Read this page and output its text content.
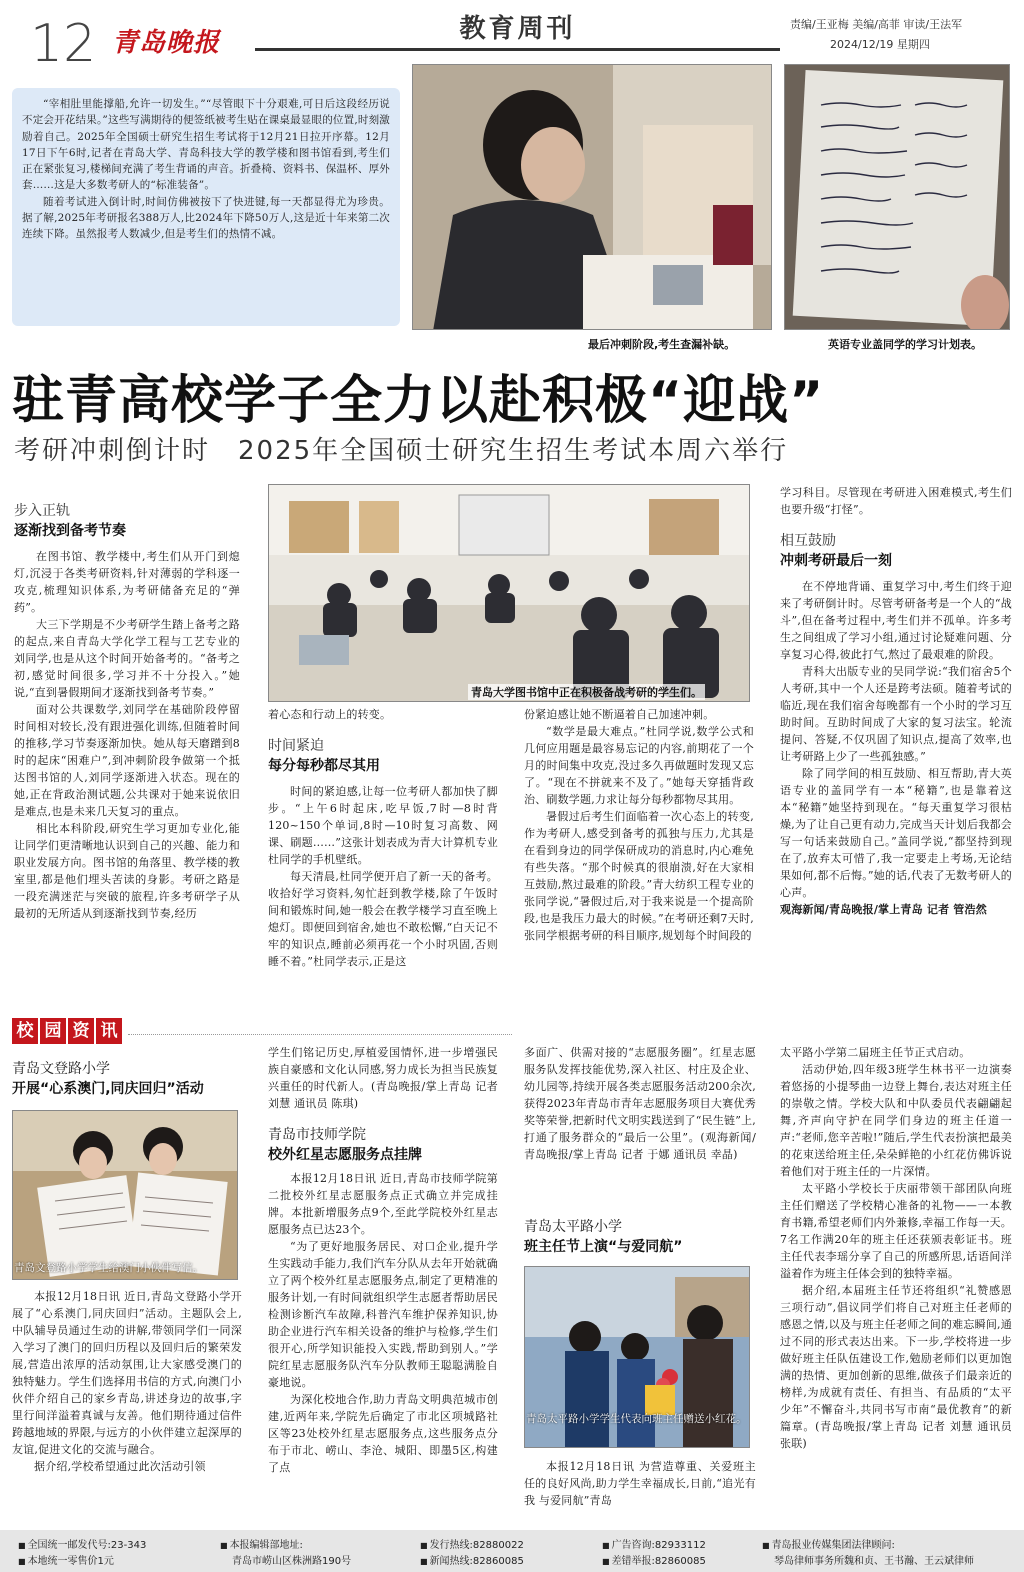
12 青岛晚报	教育周刊	责编/王亚梅 美编/高菲 审读/王法军
2024/12/19 星期四

“宰相肚里能撑船,允许一切发生。”“尽管眼下十分艰难,可日后这段经历说不定会开花结果。”这些写满期待的便签纸被考生贴在课桌最显眼的位置,时刻激励着自己。2025年全国硕士研究生招生考试将于12月21日拉开序幕。12月17日下午6时,记者在青岛大学、青岛科技大学的教学楼和图书馆看到,考生们正在紧张复习,楼梯间充满了考生背诵的声音。折叠椅、资料书、保温杯、厚外套……这是大多数考研人的“标准装备”。

随着考试进入倒计时,时间仿佛被按下了快进键,每一天都显得尤为珍贵。据了解,2025年考研报名388万人,比2024年下降50万人,这是近十年来第二次连续下降。虽然报考人数减少,但是考生们的热情不减。

最后冲刺阶段,考生查漏补缺。	英语专业盖同学的学习计划表。
驻青高校学子全力以赴积极“迎战”
考研冲刺倒计时　2025年全国硕士研究生招生考试本周六举行
步入正轨
逐渐找到备考节奏

在图书馆、教学楼中,考生们从开门到熄灯,沉浸于各类考研资料,针对薄弱的学科逐一攻克,梳理知识体系,为考研储备充足的“弹药”。

大三下学期是不少考研学生踏上备考之路的起点,来自青岛大学化学工程与工艺专业的刘同学,也是从这个时间开始备考的。“备考之初,感觉时间很多,学习并不十分投入。”她说,“直到暑假期间才逐渐找到备考节奏。”

面对公共课数学,刘同学在基础阶段停留时间相对较长,没有跟进强化训练,但随着时间的推移,学习节奏逐渐加快。她从每天磨蹭到8时的起床“困难户”,到冲刺阶段争做第一个抵达图书馆的人,刘同学逐渐进入状态。现在的她,正在背政治测试题,公共课对于她来说依旧是难点,也是未来几天复习的重点。

相比本科阶段,研究生学习更加专业化,能让同学们更清晰地认识到自己的兴趣、能力和职业发展方向。图书馆的角落里、教学楼的教室里,都是他们埋头苦读的身影。考研之路是一段充满迷茫与突破的旅程,许多考研学子从最初的无所适从到逐渐找到节奏,经历

青岛大学图书馆中正在积极备战考研的学生们。

着心态和行动上的转变。

时间紧迫
每分每秒都尽其用

时间的紧迫感,让每一位考研人都加快了脚步。“上午6时起床,吃早饭,7时—8时背120~150个单词,8时—10时复习高数、网课、刷题……”这张计划表成为青大计算机专业杜同学的手机壁纸。

每天清晨,杜同学便开启了新一天的备考。收拾好学习资料,匆忙赶到教学楼,除了午饭时间和锻炼时间,她一般会在教学楼学习直至晚上熄灯。即便回到宿舍,她也不敢松懈,“白天记不牢的知识点,睡前必须再花一个小时巩固,否则睡不着。”杜同学表示,正是这

份紧迫感让她不断逼着自己加速冲刺。

“数学是最大难点。”杜同学说,数学公式和几何应用题是最容易忘记的内容,前期花了一个月的时间集中攻克,没过多久再做题时发现又忘了。“现在不拼就来不及了。”她每天穿插背政治、刷数学题,力求让每分每秒都物尽其用。

暑假过后考生们面临着一次心态上的转变,作为考研人,感受到备考的孤独与压力,尤其是在看到身边的同学保研成功的消息时,内心难免有些失落。“那个时候真的很崩溃,好在大家相互鼓励,熬过最难的阶段。”青大纺织工程专业的张同学说,“暑假过后,对于我来说是一个提高阶段,也是我压力最大的时候。”在考研还剩7天时,张同学根据考研的科目顺序,规划每个时间段的

学习科目。尽管现在考研进入困难模式,考生们也要升级“打怪”。

相互鼓励
冲刺考研最后一刻

在不停地背诵、重复学习中,考生们终于迎来了考研倒计时。尽管考研备考是一个人的“战斗”,但在备考过程中,考生们并不孤单。许多考生之间组成了学习小组,通过讨论疑难问题、分享复习心得,彼此打气,熬过了最艰难的阶段。

青科大出版专业的吴同学说:“我们宿舍5个人考研,其中一个人还是跨考法硕。随着考试的临近,现在我们宿舍每晚都有一个小时的学习互助时间。互助时间成了大家的复习法宝。轮流提问、答疑,不仅巩固了知识点,提高了效率,也让考研路上少了一些孤独感。”

除了同学间的相互鼓励、相互帮助,青大英语专业的盖同学有一本“秘籍”,也是靠着这本“秘籍”她坚持到现在。“每天重复学习很枯燥,为了让自己更有动力,完成当天计划后我都会写一句话来鼓励自己。”盖同学说,“都坚持到现在了,放弃太可惜了,我一定要走上考场,无论结果如何,都不后悔。”她的话,代表了无数考研人的心声。

观海新闻/青岛晚报/掌上青岛 记者 管浩然

校 园 资 讯
青岛文登路小学
开展“心系澳门,同庆回归”活动
青岛文登路小学学生给澳门小伙伴写信。

本报12月18日讯 近日,青岛文登路小学开展了“心系澳门,同庆回归”活动。主题队会上,中队辅导员通过生动的讲解,带领同学们一同深入学习了澳门的回归历程以及回归后的繁荣发展,营造出浓厚的活动氛围,让大家感受澳门的独特魅力。学生们选择用书信的方式,向澳门小伙伴介绍自己的家乡青岛,讲述身边的故事,字里行间洋溢着真诚与友善。他们期待通过信件跨越地域的界限,与远方的小伙伴建立起深厚的友谊,促进文化的交流与融合。

据介绍,学校希望通过此次活动引领

学生们铭记历史,厚植爱国情怀,进一步增强民族自豪感和文化认同感,努力成长为担当民族复兴重任的时代新人。(青岛晚报/掌上青岛 记者 刘慧 通讯员 陈琪)

青岛市技师学院
校外红星志愿服务点挂牌

本报12月18日讯 近日,青岛市技师学院第二批校外红星志愿服务点正式确立并完成挂牌。本批新增服务点9个,至此学院校外红星志愿服务点已达23个。

“为了更好地服务居民、对口企业,提升学生实践动手能力,我们汽车分队从去年开始就确立了两个校外红星志愿服务点,制定了更精准的服务计划,一有时间就组织学生志愿者帮助居民检测诊断汽车故障,科普汽车维护保养知识,协助企业进行汽车相关设备的维护与检修,学生们很开心,所学知识能投入实践,帮助到别人。”学院红星志愿服务队汽车分队教师王聪聪满脸自豪地说。

为深化校地合作,助力青岛文明典范城市创建,近两年来,学院先后确定了市北区项城路社区等23处校外红星志愿服务点,这些服务点分布于市北、崂山、李沧、城阳、即墨5区,构建了点

多面广、供需对接的“志愿服务圈”。红星志愿服务队发挥技能优势,深入社区、村庄及企业、幼儿园等,持续开展各类志愿服务活动200余次,获得2023年青岛市青年志愿服务项目大赛优秀奖等荣誉,把新时代文明实践送到了“民生链”上,打通了服务群众的“最后一公里”。(观海新闻/青岛晚报/掌上青岛 记者 于娜 通讯员 幸晶)

青岛太平路小学
班主任节上演“与爱同航”
青岛太平路小学学生代表向班主任赠送小红花。

本报12月18日讯 为营造尊重、关爱班主任的良好风尚,助力学生幸福成长,日前,“追光有我 与爱同航”青岛

太平路小学第二届班主任节正式启动。

活动伊始,四年级3班学生林书平一边演奏着悠扬的小提琴曲一边登上舞台,表达对班主任的崇敬之情。学校大队和中队委员代表翩翩起舞,齐声向守护在同学们身边的班主任道一声:“老师,您辛苦啦!”随后,学生代表扮演把最美的花束送给班主任,朵朵鲜艳的小红花仿佛诉说着他们对于班主任的一片深情。

太平路小学校长于庆丽带领干部团队向班主任们赠送了学校精心准备的礼物——一本教育书籍,希望老师们内外兼修,幸福工作每一天。7名工作满20年的班主任还获颁表彰证书。班主任代表李瑶分享了自己的所感所思,话语间洋溢着作为班主任体会到的独特幸福。

据介绍,本届班主任节还将组织“礼赞感恩三项行动”,倡议同学们将自己对班主任老师的感恩之情,以及与班主任老师之间的难忘瞬间,通过不同的形式表达出来。下一步,学校将进一步做好班主任队伍建设工作,勉励老师们以更加饱满的热情、更加创新的思维,做孩子们最亲近的榜样,为成就有责任、有担当、有品质的“太平少年”不懈奋斗,共同书写市南“最优教育”的新篇章。(青岛晚报/掌上青岛 记者 刘慧 通讯员 张联)

■ 全国统一邮发代号:23-343
■ 本地统一零售价1元
■ 本报编辑部地址:
青岛市崂山区株洲路190号
■ 发行热线:82880022
■ 新闻热线:82860085
■ 广告咨询:82933112
■ 差错举报:82860085
■ 青岛报业传媒集团法律顾问:
琴岛律师事务所魏和贞、王书瀚、王云斌律师
